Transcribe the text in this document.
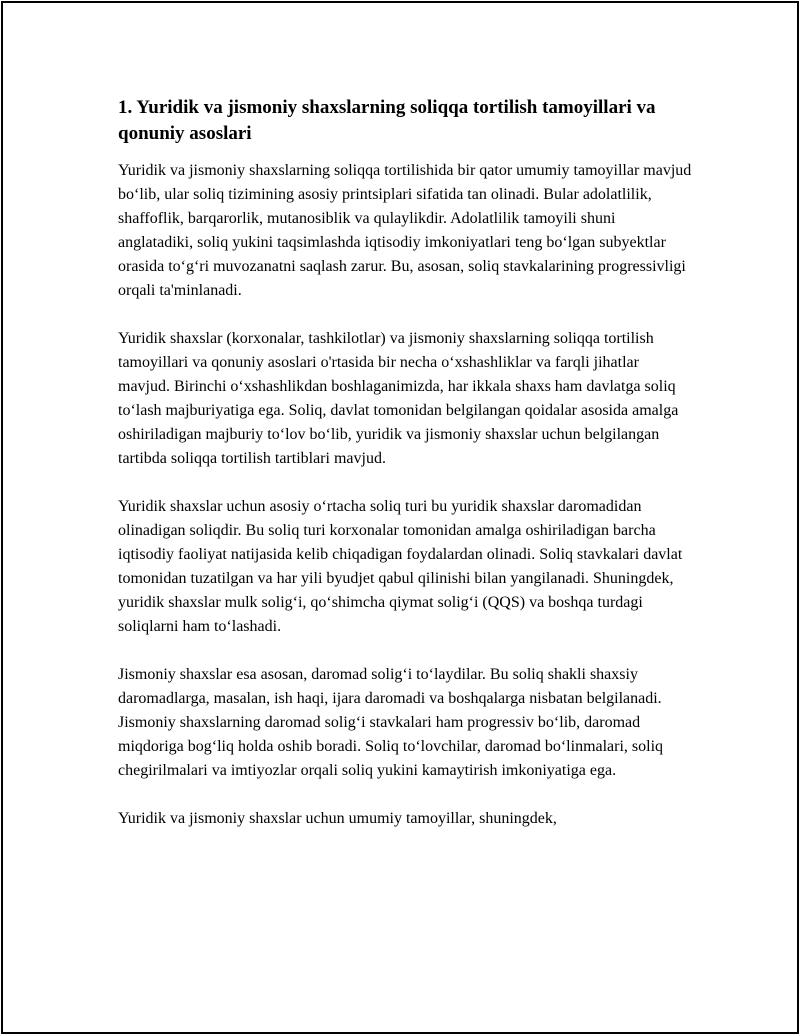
1. Yuridik va jismoniy shaxslarning soliqqa tortilish tamoyillari va qonuniy asoslari

Yuridik va jismoniy shaxslarning soliqqa tortilishida bir qator umumiy tamoyillar mavjud bo‘lib, ular soliq tizimining asosiy printsiplari sifatida tan olinadi. Bular adolatlilik, shaffoflik, barqarorlik, mutanosiblik va qulaylikdir. Adolatlilik tamoyili shuni anglatadiki, soliq yukini taqsimlashda iqtisodiy imkoniyatlari teng bo‘lgan subyektlar orasida to‘g‘ri muvozanatni saqlash zarur. Bu, asosan, soliq stavkalarining progressivligi orqali ta'minlanadi.

Yuridik shaxslar (korxonalar, tashkilotlar) va jismoniy shaxslarning soliqqa tortilish tamoyillari va qonuniy asoslari o'rtasida bir necha o‘xshashliklar va farqli jihatlar mavjud. Birinchi o‘xshashlikdan boshlaganimizda, har ikkala shaxs ham davlatga soliq to‘lash majburiyatiga ega. Soliq, davlat tomonidan belgilangan qoidalar asosida amalga oshiriladigan majburiy to‘lov bo‘lib, yuridik va jismoniy shaxslar uchun belgilangan tartibda soliqqa tortilish tartiblari mavjud.

Yuridik shaxslar uchun asosiy o‘rtacha soliq turi bu yuridik shaxslar daromadidan olinadigan soliqdir. Bu soliq turi korxonalar tomonidan amalga oshiriladigan barcha iqtisodiy faoliyat natijasida kelib chiqadigan foydalardan olinadi. Soliq stavkalari davlat tomonidan tuzatilgan va har yili byudjet qabul qilinishi bilan yangilanadi. Shuningdek, yuridik shaxslar mulk solig‘i, qo‘shimcha qiymat solig‘i (QQS) va boshqa turdagi soliqlarni ham to‘lashadi.

Jismoniy shaxslar esa asosan, daromad solig‘i to‘laydilar. Bu soliq shakli shaxsiy daromadlarga, masalan, ish haqi, ijara daromadi va boshqalarga nisbatan belgilanadi. Jismoniy shaxslarning daromad solig‘i stavkalari ham progressiv bo‘lib, daromad miqdoriga bog‘liq holda oshib boradi. Soliq to‘lovchilar, daromad bo‘linmalari, soliq chegirilmalari va imtiyozlar orqali soliq yukini kamaytirish imkoniyatiga ega.

Yuridik va jismoniy shaxslar uchun umumiy tamoyillar, shuningdek,
